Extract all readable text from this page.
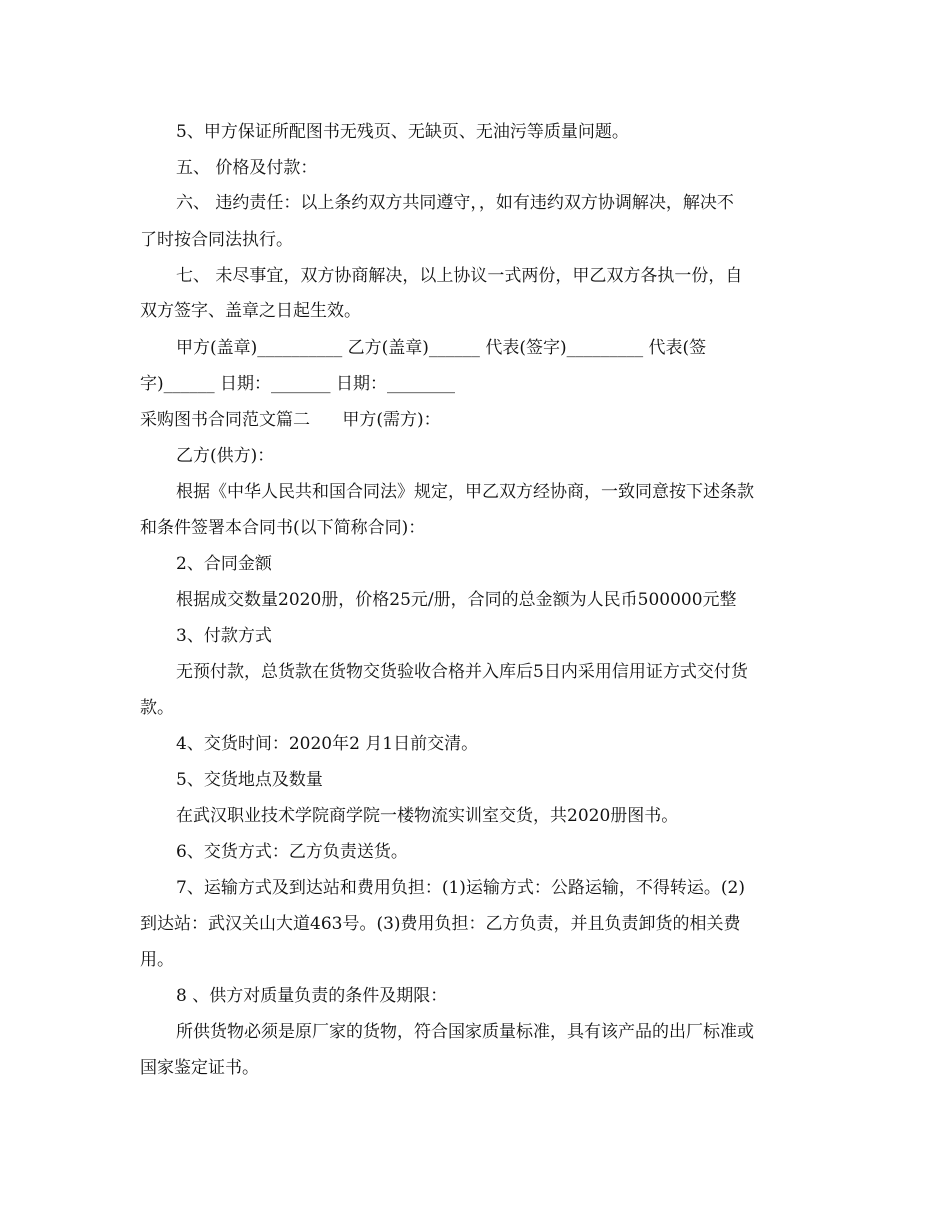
5、甲方保证所配图书无残页、无缺页、无油污等质量问题。
五、 价格及付款：
六、 违约责任：以上条约双方共同遵守，，如有违约双方协调解决，解决不
了时按合同法执行。
七、 未尽事宜，双方协商解决，以上协议一式两份，甲乙双方各执一份，自
双方签字、盖章之日起生效。
甲方(盖章)__________ 乙方(盖章)______ 代表(签字)_________ 代表(签
字)______ 日期：_______ 日期：________
采购图书合同范文篇二      甲方(需方)：
乙方(供方)：
根据《中华人民共和国合同法》规定，甲乙双方经协商，一致同意按下述条款
和条件签署本合同书(以下简称合同)：
2、合同金额
根据成交数量2020册，价格25元/册，合同的总金额为人民币500000元整
3、付款方式
无预付款，总货款在货物交货验收合格并入库后5日内采用信用证方式交付货
款。
4、交货时间：2020年2 月1日前交清。
5、交货地点及数量
在武汉职业技术学院商学院一楼物流实训室交货，共2020册图书。
6、交货方式：乙方负责送货。
7、运输方式及到达站和费用负担：(1)运输方式：公路运输，不得转运。(2)
到达站：武汉关山大道463号。(3)费用负担：乙方负责，并且负责卸货的相关费
用。
8 、供方对质量负责的条件及期限：
所供货物必须是原厂家的货物，符合国家质量标准，具有该产品的出厂标准或
国家鉴定证书。
